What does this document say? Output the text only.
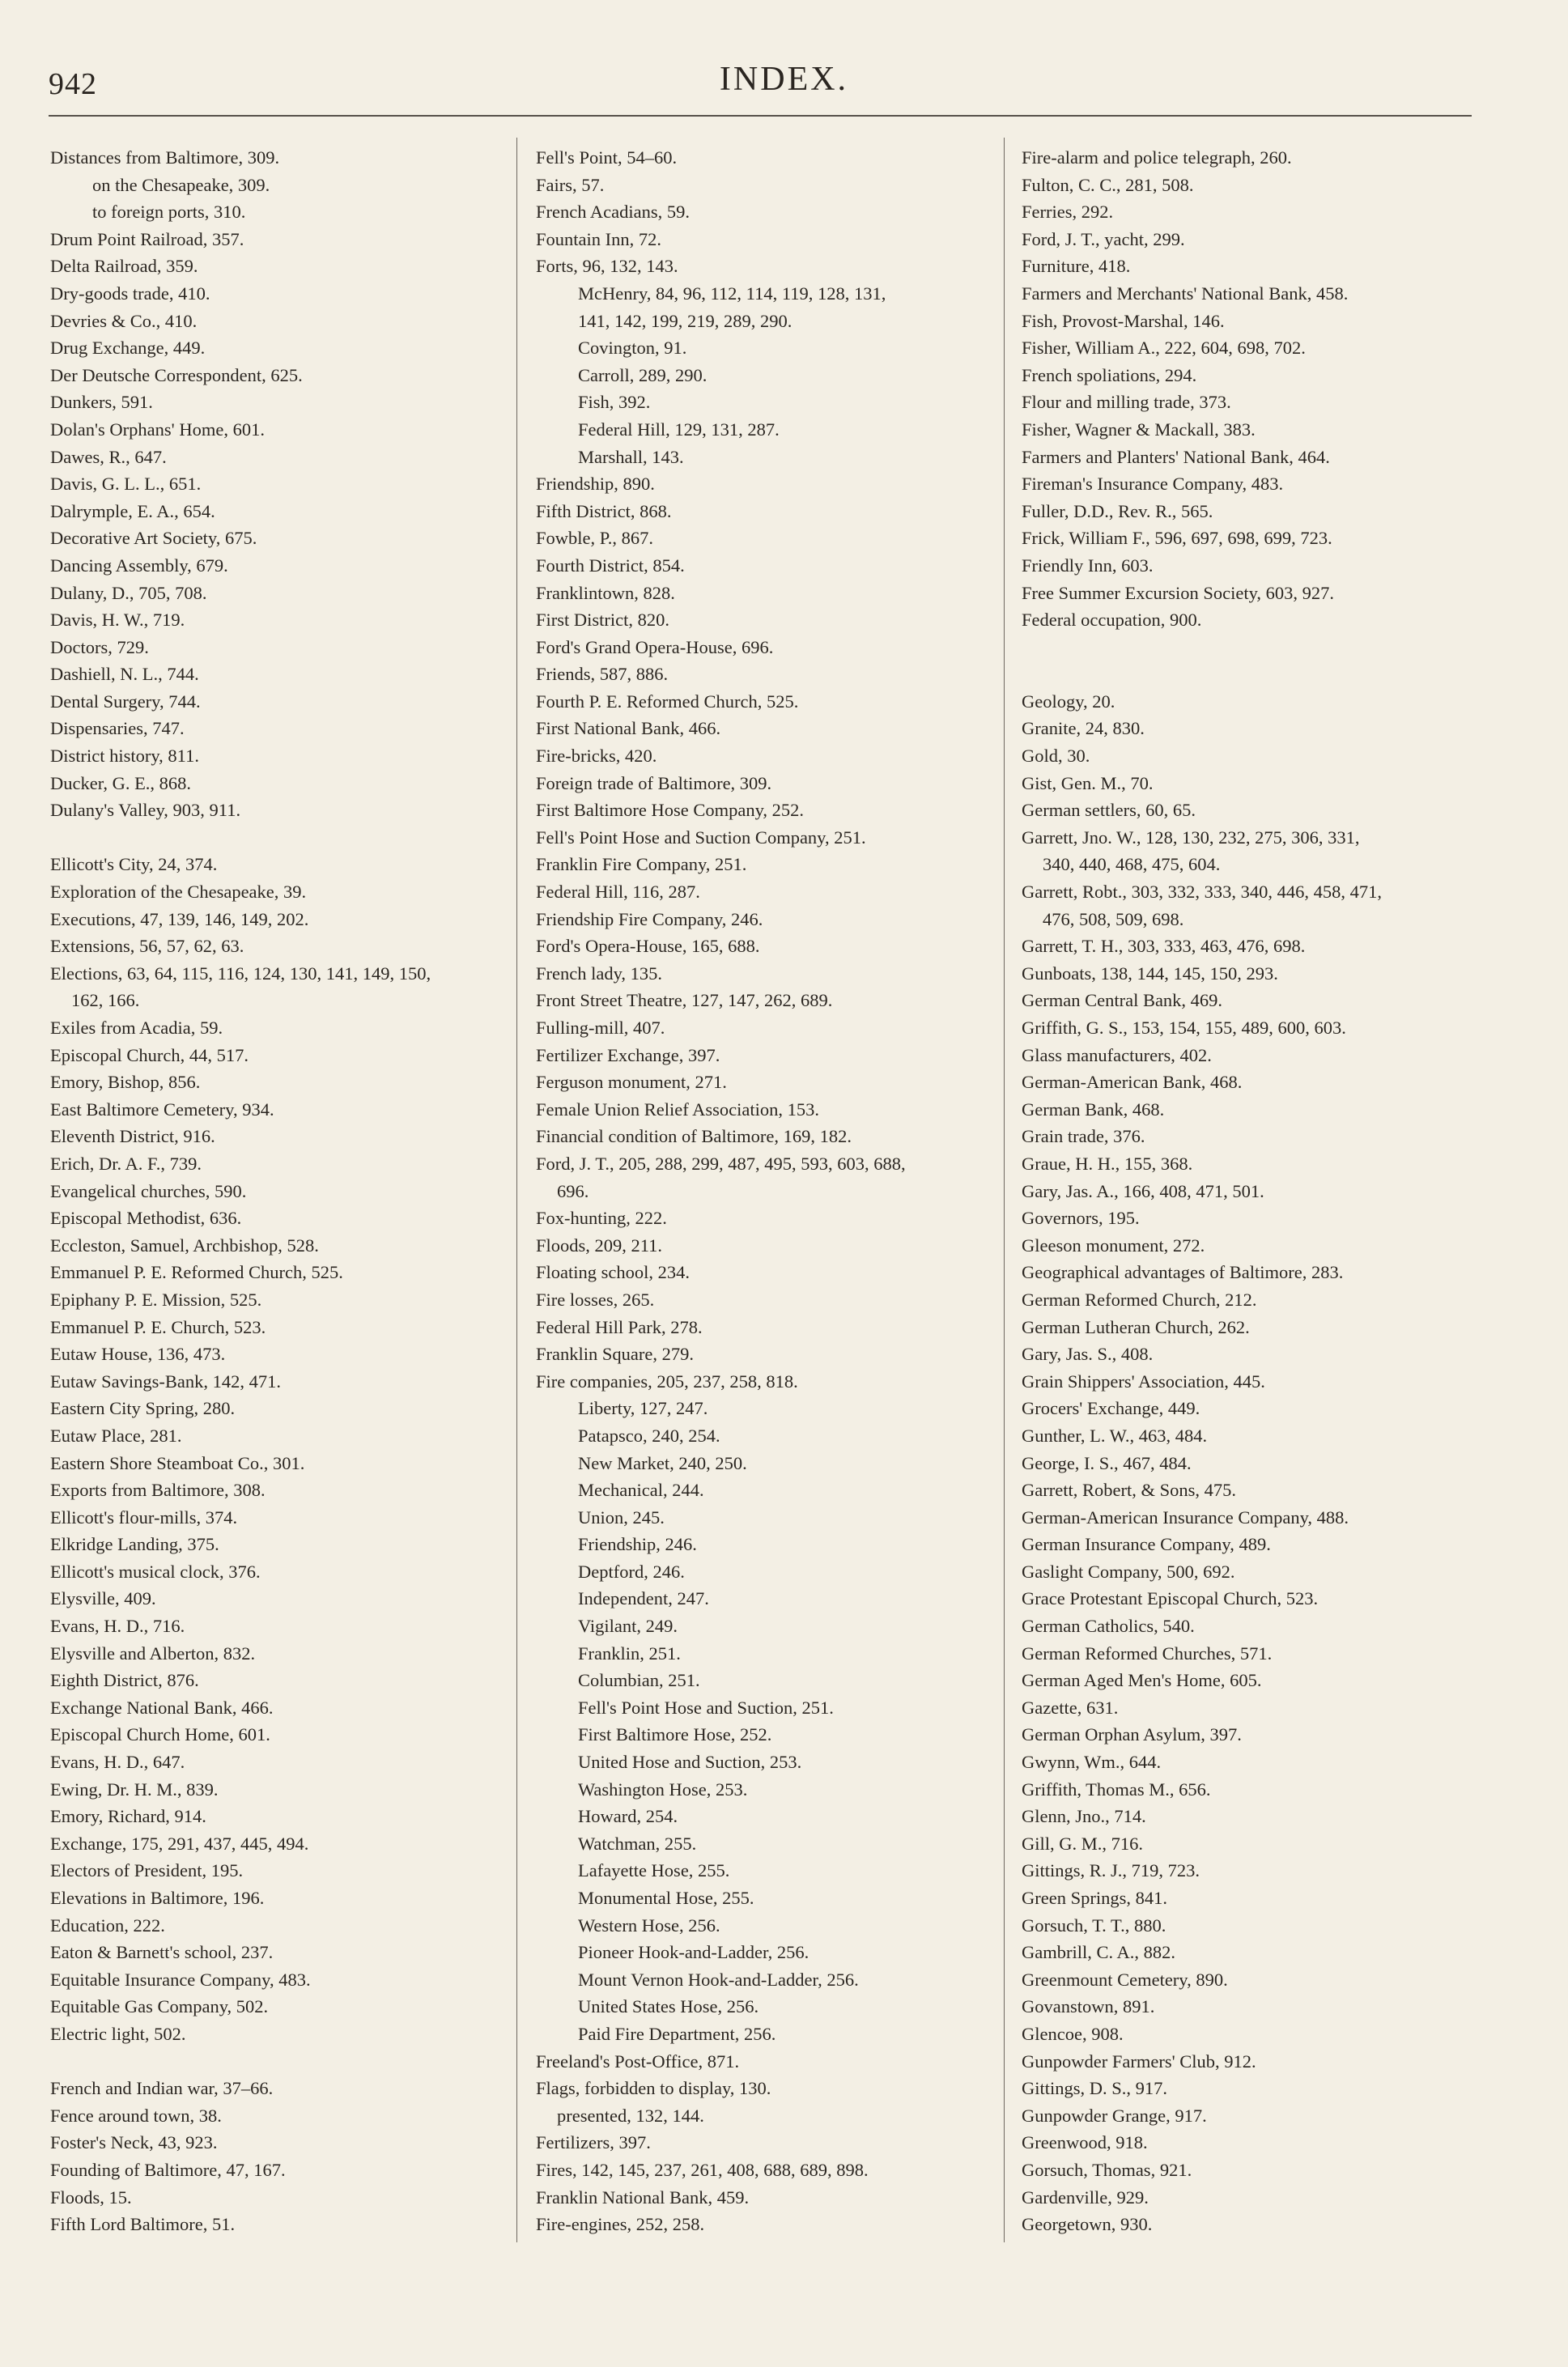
942	INDEX.
Distances from Baltimore, 309.
on the Chesapeake, 309.
to foreign ports, 310.
Drum Point Railroad, 357.
Delta Railroad, 359.
Dry-goods trade, 410.
Devries & Co., 410.
Drug Exchange, 449.
Der Deutsche Correspondent, 625.
Dunkers, 591.
Dolan's Orphans' Home, 601.
Dawes, R., 647.
Davis, G. L. L., 651.
Dalrymple, E. A., 654.
Decorative Art Society, 675.
Dancing Assembly, 679.
Dulany, D., 705, 708.
Davis, H. W., 719.
Doctors, 729.
Dashiell, N. L., 744.
Dental Surgery, 744.
Dispensaries, 747.
District history, 811.
Ducker, G. E., 868.
Dulany's Valley, 903, 911.
Ellicott's City, 24, 374.
Exploration of the Chesapeake, 39.
Executions, 47, 139, 146, 149, 202.
Extensions, 56, 57, 62, 63.
Elections, 63, 64, 115, 116, 124, 130, 141, 149, 150,
162, 166.
Exiles from Acadia, 59.
Episcopal Church, 44, 517.
Emory, Bishop, 856.
East Baltimore Cemetery, 934.
Eleventh District, 916.
Erich, Dr. A. F., 739.
Evangelical churches, 590.
Episcopal Methodist, 636.
Eccleston, Samuel, Archbishop, 528.
Emmanuel P. E. Reformed Church, 525.
Epiphany P. E. Mission, 525.
Emmanuel P. E. Church, 523.
Eutaw House, 136, 473.
Eutaw Savings-Bank, 142, 471.
Eastern City Spring, 280.
Eutaw Place, 281.
Eastern Shore Steamboat Co., 301.
Exports from Baltimore, 308.
Ellicott's flour-mills, 374.
Elkridge Landing, 375.
Ellicott's musical clock, 376.
Elysville, 409.
Evans, H. D., 716.
Elysville and Alberton, 832.
Eighth District, 876.
Exchange National Bank, 466.
Episcopal Church Home, 601.
Evans, H. D., 647.
Ewing, Dr. H. M., 839.
Emory, Richard, 914.
Exchange, 175, 291, 437, 445, 494.
Electors of President, 195.
Elevations in Baltimore, 196.
Education, 222.
Eaton & Barnett's school, 237.
Equitable Insurance Company, 483.
Equitable Gas Company, 502.
Electric light, 502.
French and Indian war, 37–66.
Fence around town, 38.
Foster's Neck, 43, 923.
Founding of Baltimore, 47, 167.
Floods, 15.
Fifth Lord Baltimore, 51.
Fell's Point, 54–60.
Fairs, 57.
French Acadians, 59.
Fountain Inn, 72.
Forts, 96, 132, 143.
McHenry, 84, 96, 112, 114, 119, 128, 131,
141, 142, 199, 219, 289, 290.
Covington, 91.
Carroll, 289, 290.
Fish, 392.
Federal Hill, 129, 131, 287.
Marshall, 143.
Friendship, 890.
Fifth District, 868.
Fowble, P., 867.
Fourth District, 854.
Franklintown, 828.
First District, 820.
Ford's Grand Opera-House, 696.
Friends, 587, 886.
Fourth P. E. Reformed Church, 525.
First National Bank, 466.
Fire-bricks, 420.
Foreign trade of Baltimore, 309.
First Baltimore Hose Company, 252.
Fell's Point Hose and Suction Company, 251.
Franklin Fire Company, 251.
Federal Hill, 116, 287.
Friendship Fire Company, 246.
Ford's Opera-House, 165, 688.
French lady, 135.
Front Street Theatre, 127, 147, 262, 689.
Fulling-mill, 407.
Fertilizer Exchange, 397.
Ferguson monument, 271.
Female Union Relief Association, 153.
Financial condition of Baltimore, 169, 182.
Ford, J. T., 205, 288, 299, 487, 495, 593, 603, 688,
696.
Fox-hunting, 222.
Floods, 209, 211.
Floating school, 234.
Fire losses, 265.
Federal Hill Park, 278.
Franklin Square, 279.
Fire companies, 205, 237, 258, 818.
Liberty, 127, 247.
Patapsco, 240, 254.
New Market, 240, 250.
Mechanical, 244.
Union, 245.
Friendship, 246.
Deptford, 246.
Independent, 247.
Vigilant, 249.
Franklin, 251.
Columbian, 251.
Fell's Point Hose and Suction, 251.
First Baltimore Hose, 252.
United Hose and Suction, 253.
Washington Hose, 253.
Howard, 254.
Watchman, 255.
Lafayette Hose, 255.
Monumental Hose, 255.
Western Hose, 256.
Pioneer Hook-and-Ladder, 256.
Mount Vernon Hook-and-Ladder, 256.
United States Hose, 256.
Paid Fire Department, 256.
Freeland's Post-Office, 871.
Flags, forbidden to display, 130.
presented, 132, 144.
Fertilizers, 397.
Fires, 142, 145, 237, 261, 408, 688, 689, 898.
Franklin National Bank, 459.
Fire-engines, 252, 258.
Fire-alarm and police telegraph, 260.
Fulton, C. C., 281, 508.
Ferries, 292.
Ford, J. T., yacht, 299.
Furniture, 418.
Farmers and Merchants' National Bank, 458.
Fish, Provost-Marshal, 146.
Fisher, William A., 222, 604, 698, 702.
French spoliations, 294.
Flour and milling trade, 373.
Fisher, Wagner & Mackall, 383.
Farmers and Planters' National Bank, 464.
Fireman's Insurance Company, 483.
Fuller, D.D., Rev. R., 565.
Frick, William F., 596, 697, 698, 699, 723.
Friendly Inn, 603.
Free Summer Excursion Society, 603, 927.
Federal occupation, 900.
Geology, 20.
Granite, 24, 830.
Gold, 30.
Gist, Gen. M., 70.
German settlers, 60, 65.
Garrett, Jno. W., 128, 130, 232, 275, 306, 331,
340, 440, 468, 475, 604.
Garrett, Robt., 303, 332, 333, 340, 446, 458, 471,
476, 508, 509, 698.
Garrett, T. H., 303, 333, 463, 476, 698.
Gunboats, 138, 144, 145, 150, 293.
German Central Bank, 469.
Griffith, G. S., 153, 154, 155, 489, 600, 603.
Glass manufacturers, 402.
German-American Bank, 468.
German Bank, 468.
Grain trade, 376.
Graue, H. H., 155, 368.
Gary, Jas. A., 166, 408, 471, 501.
Governors, 195.
Gleeson monument, 272.
Geographical advantages of Baltimore, 283.
German Reformed Church, 212.
German Lutheran Church, 262.
Gary, Jas. S., 408.
Grain Shippers' Association, 445.
Grocers' Exchange, 449.
Gunther, L. W., 463, 484.
George, I. S., 467, 484.
Garrett, Robert, & Sons, 475.
German-American Insurance Company, 488.
German Insurance Company, 489.
Gaslight Company, 500, 692.
Grace Protestant Episcopal Church, 523.
German Catholics, 540.
German Reformed Churches, 571.
German Aged Men's Home, 605.
Gazette, 631.
German Orphan Asylum, 397.
Gwynn, Wm., 644.
Griffith, Thomas M., 656.
Glenn, Jno., 714.
Gill, G. M., 716.
Gittings, R. J., 719, 723.
Green Springs, 841.
Gorsuch, T. T., 880.
Gambrill, C. A., 882.
Greenmount Cemetery, 890.
Govanstown, 891.
Glencoe, 908.
Gunpowder Farmers' Club, 912.
Gittings, D. S., 917.
Gunpowder Grange, 917.
Greenwood, 918.
Gorsuch, Thomas, 921.
Gardenville, 929.
Georgetown, 930.
